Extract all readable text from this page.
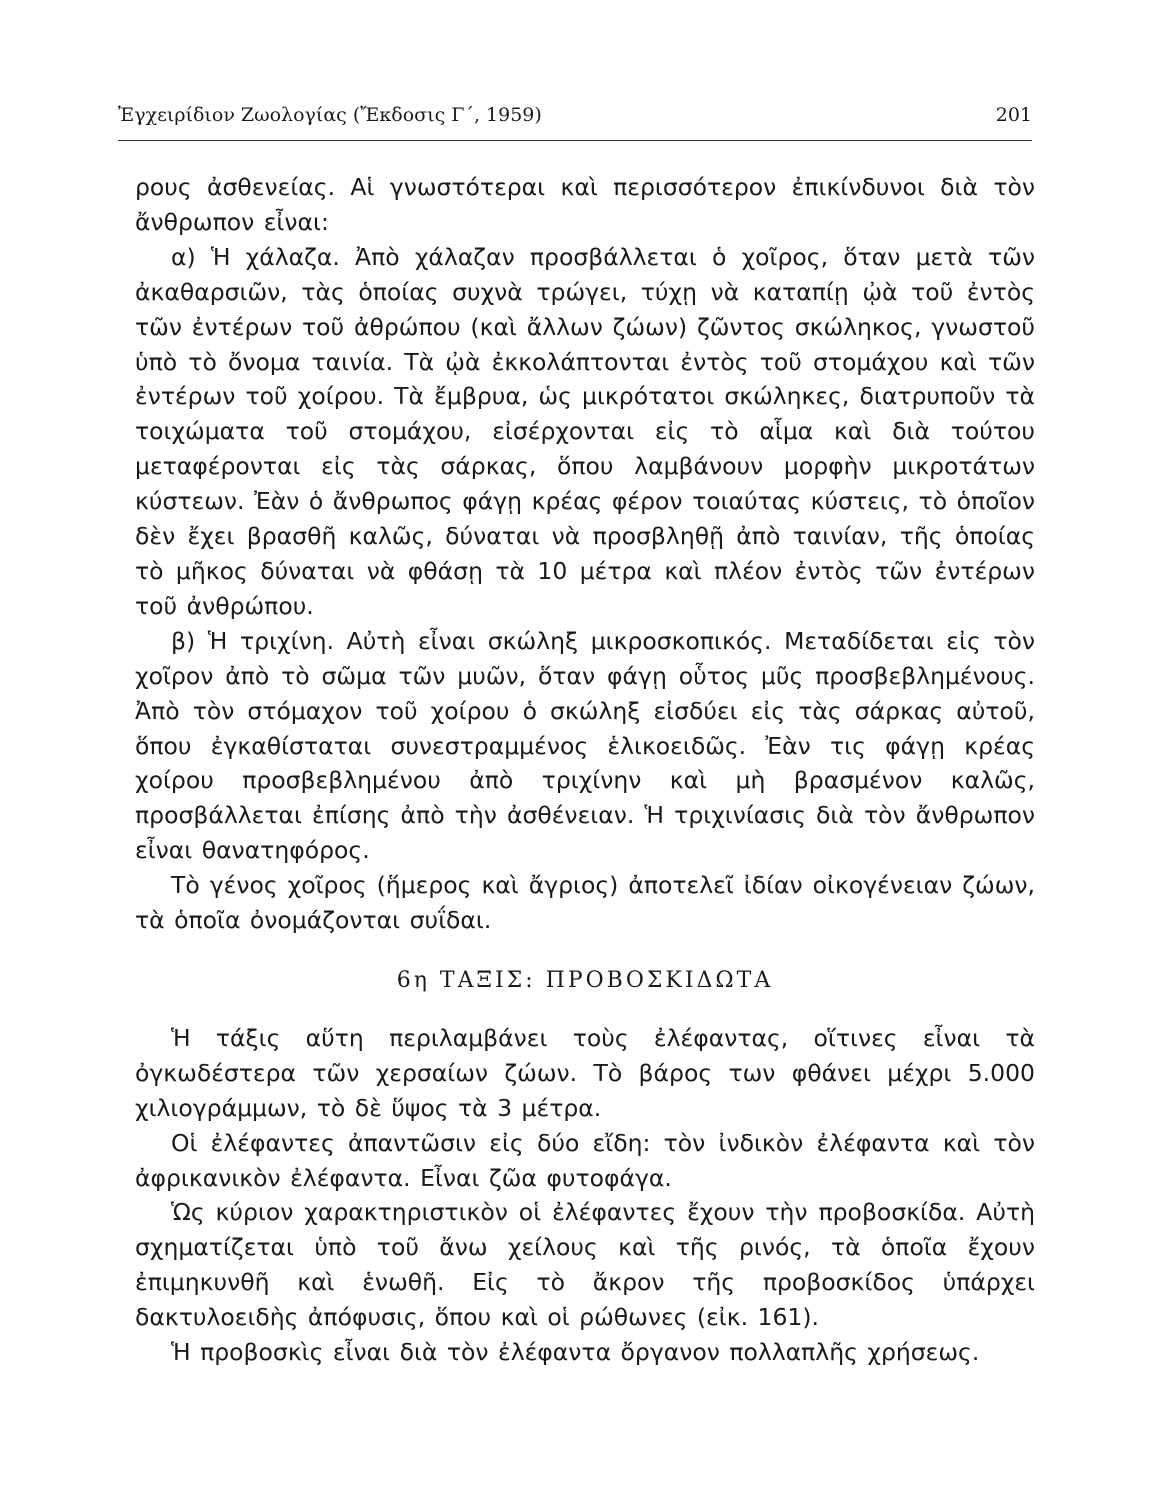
Ἐγχειρίδιον Ζωολογίας (Ἔκδοσις Γ΄, 1959)	201

ρους ἀσθενείας. Αἱ γνωστότεραι καὶ περισσότερον ἐπικίνδυνοι διὰ τὸν ἄνθρωπον εἶναι:

α) Ἡ χάλαζα. Ἀπὸ χάλαζαν προσβάλλεται ὁ χοῖρος, ὅταν μετὰ τῶν ἀκαθαρσιῶν, τὰς ὁποίας συχνὰ τρώγει, τύχῃ νὰ καταπίῃ ᾠὰ τοῦ ἐντὸς τῶν ἐντέρων τοῦ ἀθρώπου (καὶ ἄλλων ζώων) ζῶντος σκώληκος, γνωστοῦ ὑπὸ τὸ ὄνομα ταινία. Τὰ ᾠὰ ἐκκολάπτονται ἐντὸς τοῦ στομάχου καὶ τῶν ἐντέρων τοῦ χοίρου. Τὰ ἔμβρυα, ὡς μικρότατοι σκώληκες, διατρυποῦν τὰ τοιχώματα τοῦ στομάχου, εἰσέρχονται εἰς τὸ αἷμα καὶ διὰ τούτου μεταφέρονται εἰς τὰς σάρκας, ὅπου λαμβάνουν μορφὴν μικροτάτων κύστεων. Ἐὰν ὁ ἄνθρωπος φάγῃ κρέας φέρον τοιαύτας κύστεις, τὸ ὁποῖον δὲν ἔχει βρασθῆ καλῶς, δύναται νὰ προσβληθῇ ἀπὸ ταινίαν, τῆς ὁποίας τὸ μῆκος δύναται νὰ φθάσῃ τὰ 10 μέτρα καὶ πλέον ἐντὸς τῶν ἐντέρων τοῦ ἀνθρώπου.

β) Ἡ τριχίνη. Αὐτὴ εἶναι σκώληξ μικροσκοπικός. Μεταδίδεται εἰς τὸν χοῖρον ἀπὸ τὸ σῶμα τῶν μυῶν, ὅταν φάγῃ οὗτος μῦς προσβεβλημένους. Ἀπὸ τὸν στόμαχον τοῦ χοίρου ὁ σκώληξ εἰσδύει εἰς τὰς σάρκας αὐτοῦ, ὅπου ἐγκαθίσταται συνεστραμμένος ἑλικοειδῶς. Ἐὰν τις φάγῃ κρέας χοίρου προσβεβλημένου ἀπὸ τριχίνην καὶ μὴ βρασμένον καλῶς, προσβάλλεται ἐπίσης ἀπὸ τὴν ἀσθένειαν. Ἡ τριχινίασις διὰ τὸν ἄνθρωπον εἶναι θανατηφόρος.

Τὸ γένος χοῖρος (ἥμερος καὶ ἄγριος) ἀποτελεῖ ἰδίαν οἰκογένειαν ζώων, τὰ ὁποῖα ὀνομάζονται συΐδαι.

6η ΤΑΞΙΣ: ΠΡΟΒΟΣΚΙΔΩΤΑ

Ἡ τάξις αὕτη περιλαμβάνει τοὺς ἐλέφαντας, οἵτινες εἶναι τὰ ὀγκωδέστερα τῶν χερσαίων ζώων. Τὸ βάρος των φθάνει μέχρι 5.000 χιλιογράμμων, τὸ δὲ ὕψος τὰ 3 μέτρα.

Οἱ ἐλέφαντες ἀπαντῶσιν εἰς δύο εἴδη: τὸν ἰνδικὸν ἐλέφαντα καὶ τὸν ἀφρικανικὸν ἐλέφαντα. Εἶναι ζῶα φυτοφάγα.

Ὡς κύριον χαρακτηριστικὸν οἱ ἐλέφαντες ἔχουν τὴν προβοσκίδα. Αὐτὴ σχηματίζεται ὑπὸ τοῦ ἄνω χείλους καὶ τῆς ρινός, τὰ ὁποῖα ἔχουν ἐπιμηκυνθῆ καὶ ἑνωθῆ. Εἰς τὸ ἄκρον τῆς προβοσκίδος ὑπάρχει δακτυλοειδὴς ἀπόφυσις, ὅπου καὶ οἱ ρώθωνες (εἰκ. 161).

Ἡ προβοσκὶς εἶναι διὰ τὸν ἐλέφαντα ὄργανον πολλαπλῆς χρήσεως.
